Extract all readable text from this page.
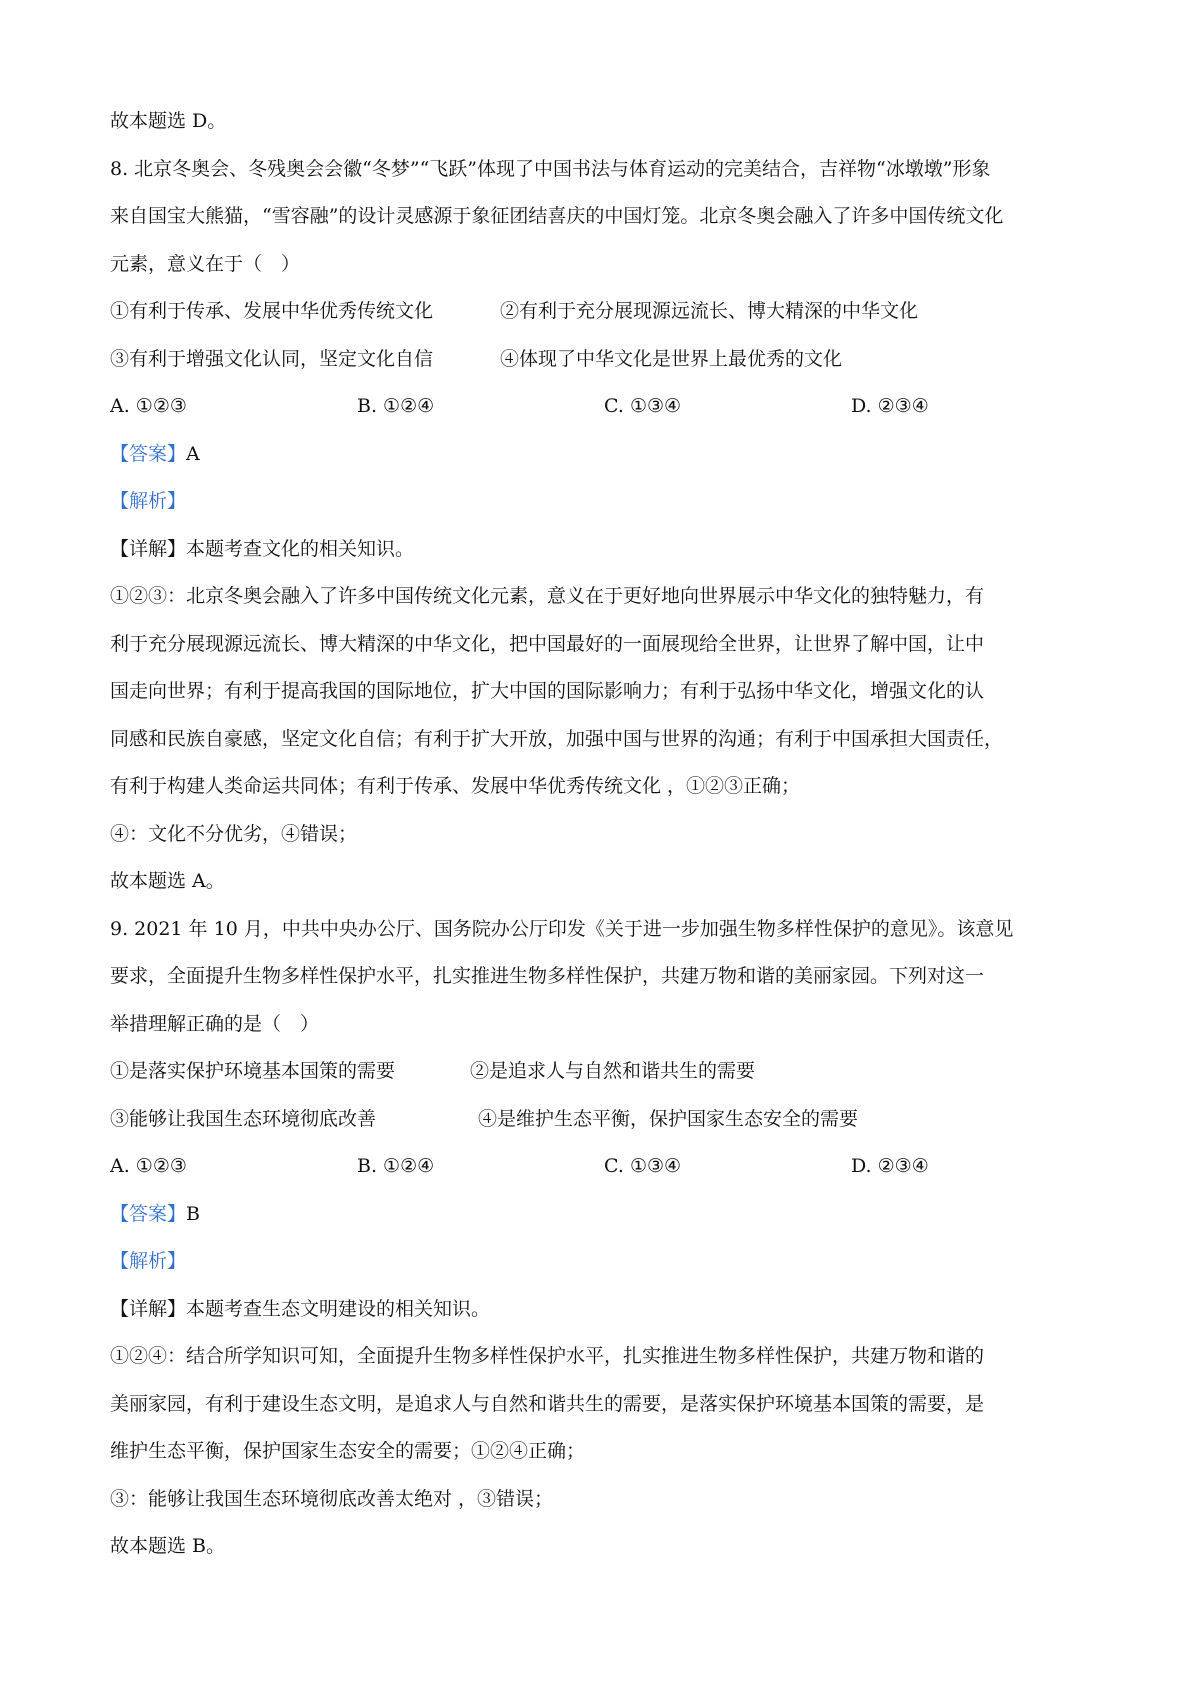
故本题选 D。
8. 北京冬奥会、冬残奥会会徽“冬梦”“飞跃”体现了中国书法与体育运动的完美结合，吉祥物“冰墩墩”形象
来自国宝大熊猫，“雪容融”的设计灵感源于象征团结喜庆的中国灯笼。北京冬奥会融入了许多中国传统文化
元素，意义在于（　）
①有利于传承、发展中华优秀传统文化	②有利于充分展现源远流长、博大精深的中华文化
③有利于增强文化认同，坚定文化自信	④体现了中华文化是世界上最优秀的文化
A. ①②③	B. ①②④	C. ①③④	D. ②③④
【答案】A
【解析】
【详解】本题考查文化的相关知识。
①②③：北京冬奥会融入了许多中国传统文化元素，意义在于更好地向世界展示中华文化的独特魅力，有
利于充分展现源远流长、博大精深的中华文化，把中国最好的一面展现给全世界，让世界了解中国，让中
国走向世界；有利于提高我国的国际地位，扩大中国的国际影响力；有利于弘扬中华文化，增强文化的认
同感和民族自豪感，坚定文化自信；有利于扩大开放，加强中国与世界的沟通；有利于中国承担大国责任，
有利于构建人类命运共同体；有利于传承、发展中华优秀传统文化 ，①②③正确；
④：文化不分优劣，④错误；
故本题选 A。
9. 2021 年 10 月，中共中央办公厅、国务院办公厅印发《关于进一步加强生物多样性保护的意见》。该意见
要求，全面提升生物多样性保护水平，扎实推进生物多样性保护，共建万物和谐的美丽家园。下列对这一
举措理解正确的是（　）
①是落实保护环境基本国策的需要	②是追求人与自然和谐共生的需要
③能够让我国生态环境彻底改善	④是维护生态平衡，保护国家生态安全的需要
A. ①②③	B. ①②④	C. ①③④	D. ②③④
【答案】B
【解析】
【详解】本题考查生态文明建设的相关知识。
①②④：结合所学知识可知，全面提升生物多样性保护水平，扎实推进生物多样性保护，共建万物和谐的
美丽家园，有利于建设生态文明，是追求人与自然和谐共生的需要，是落实保护环境基本国策的需要，是
维护生态平衡，保护国家生态安全的需要；①②④正确；
③：能够让我国生态环境彻底改善太绝对 ，③错误；
故本题选 B。
